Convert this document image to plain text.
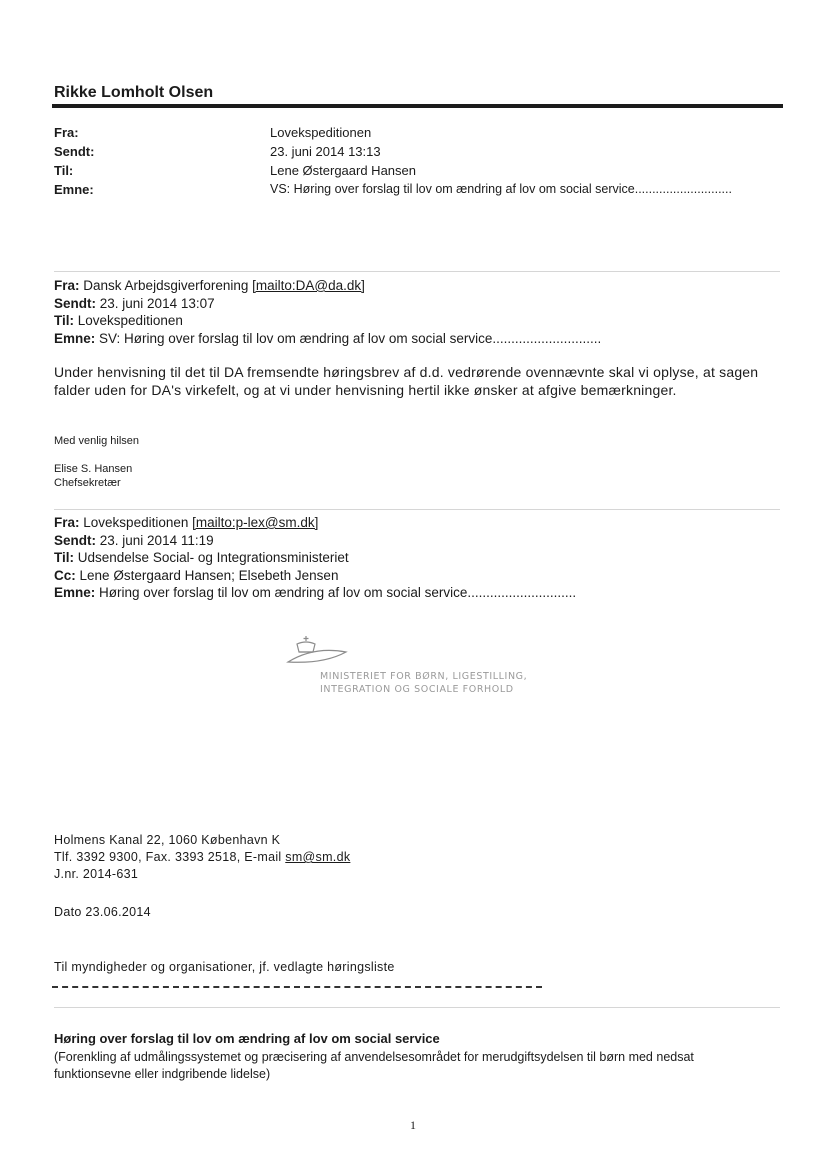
Rikke Lomholt Olsen
Fra:	Lovekspeditionen
Sendt:	23. juni 2014 13:13
Til:	Lene Østergaard Hansen
Emne:	VS: Høring over forslag til lov om ændring af lov om social service............................
Fra: Dansk Arbejdsgiverforening [mailto:DA@da.dk]
Sendt: 23. juni 2014 13:07
Til: Lovekspeditionen
Emne: SV: Høring over forslag til lov om ændring af lov om social service.............................
Under henvisning til det til DA fremsendte høringsbrev af d.d. vedrørende ovennævnte skal vi oplyse, at sagen falder uden for DA's virkefelt, og at vi under henvisning hertil ikke ønsker at afgive bemærkninger.
Med venlig hilsen
Elise S. Hansen
Chefsekretær
Fra: Lovekspeditionen [mailto:p-lex@sm.dk]
Sendt: 23. juni 2014 11:19
Til: Udsendelse Social- og Integrationsministeriet
Cc: Lene Østergaard Hansen; Elsebeth Jensen
Emne: Høring over forslag til lov om ændring af lov om social service.............................
MINISTERIET FOR BØRN, LIGESTILLING,
INTEGRATION OG SOCIALE FORHOLD
Holmens Kanal 22, 1060 København K
Tlf. 3392 9300, Fax. 3393 2518, E-mail sm@sm.dk
J.nr. 2014-631
Dato 23.06.2014
Til myndigheder og organisationer, jf. vedlagte høringsliste
Høring over forslag til lov om ændring af lov om social service
(Forenkling af udmålingssystemet og præcisering af anvendelsesområdet for merudgiftsydelsen til børn med nedsat funktionsevne eller indgribende lidelse)
1
